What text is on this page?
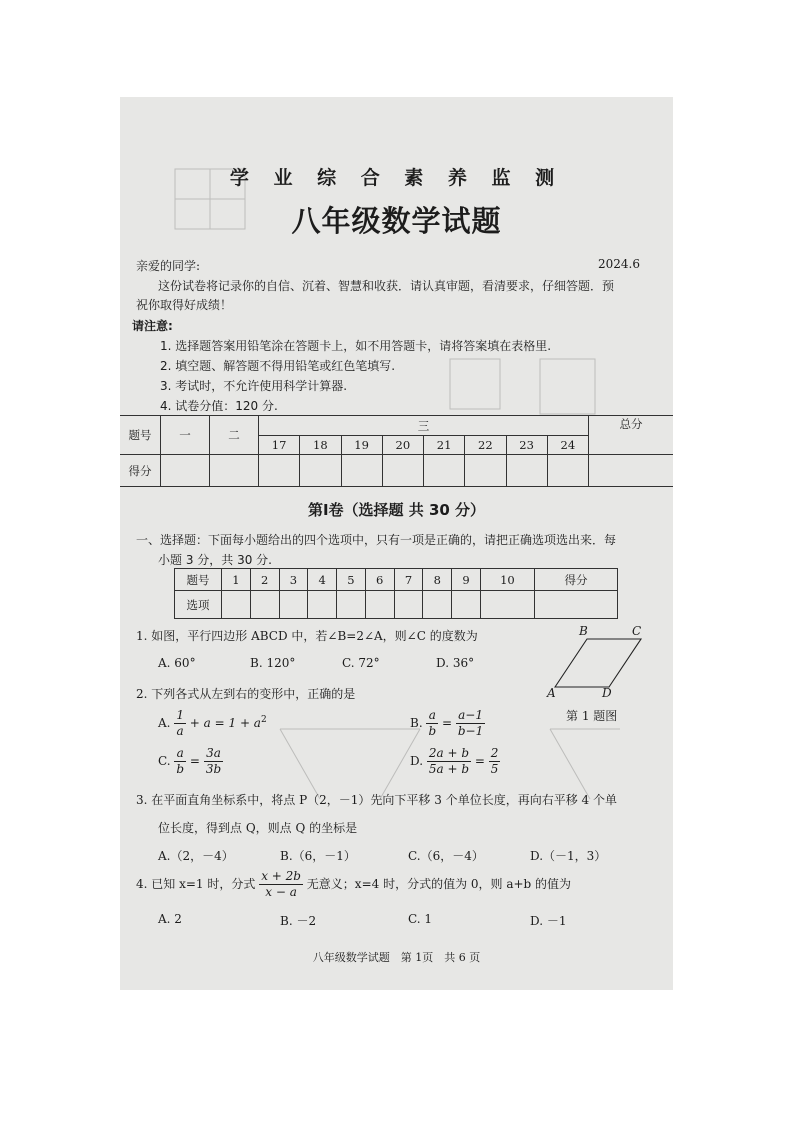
学 业 综 合 素 养 监 测
八年级数学试题
亲爱的同学:	2024.6
这份试卷将记录你的自信、沉着、智慧和收获．请认真审题，看清要求，仔细答题．预
祝你取得好成绩！
请注意:
1. 选择题答案用铅笔涂在答题卡上，如不用答题卡，请将答案填在表格里.
2. 填空题、解答题不得用铅笔或红色笔填写.
3. 考试时，不允许使用科学计算器.
4. 试卷分值：120 分.
题号	一	二	三								总分
			17	18	19	20	21	22	23	24	
得分											
第Ⅰ卷（选择题 共 30 分）
一、选择题：下面每小题给出的四个选项中，只有一项是正确的，请把正确选项选出来．每
小题 3 分，共 30 分.
题号	1	2	3	4	5	6	7	8	9	10	得分
选项											
1. 如图，平行四边形 ABCD 中，若∠B=2∠A，则∠C 的度数为
A. 60°	B. 120°	C. 72°	D. 36°
B	C
A	D
第 1 题图
2. 下列各式从左到右的变形中，正确的是
A. $\frac{1}{a} + a = 1 + a^2$	B. $\frac{a}{b} = \frac{a-1}{b-1}$
C. $\frac{a}{b} = \frac{3a}{3b}$	D. $\frac{2a + b}{5a + b} = \frac{2}{5}$
3. 在平面直角坐标系中，将点 P（2，－1）先向下平移 3 个单位长度，再向右平移 4 个单
位长度，得到点 Q，则点 Q 的坐标是
A.（2，－4）	B.（6，－1）	C.（6，－4）	D.（－1，3）
4. 已知 x=1 时，分式 $\frac{x + 2b}{x - a}$ 无意义；x=4 时，分式的值为 0，则 a+b 的值为
A. 2	B. －2	C. 1	D. －1
八年级数学试题　第 1页　共 6 页
